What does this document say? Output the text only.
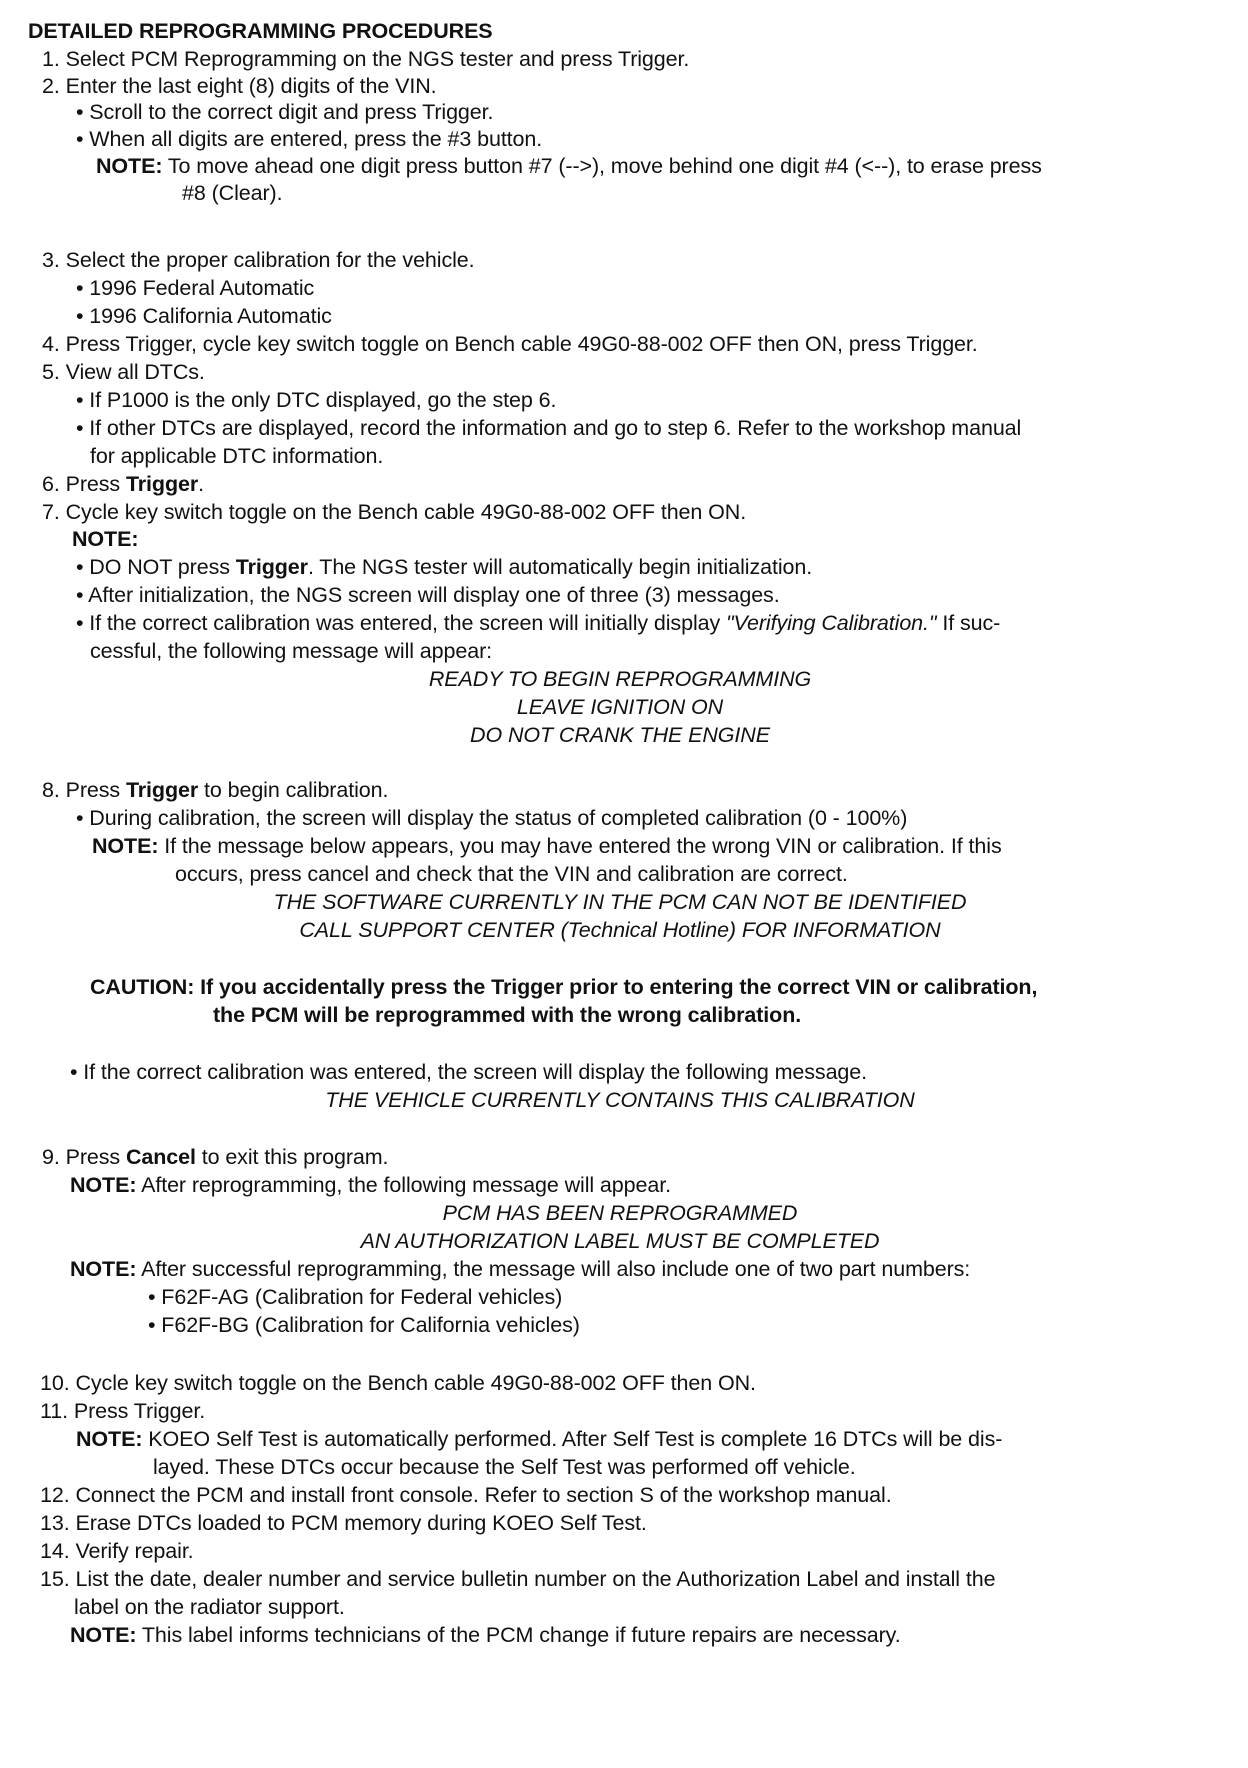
DETAILED REPROGRAMMING PROCEDURES
1. Select PCM Reprogramming on the NGS tester and press Trigger.
2. Enter the last eight (8) digits of the VIN.
• Scroll to the correct digit and press Trigger.
• When all digits are entered, press the #3 button.
NOTE: To move ahead one digit press button #7 (-->), move behind one digit #4 (<--), to erase press
#8 (Clear).
3. Select the proper calibration for the vehicle.
• 1996 Federal Automatic
• 1996 California Automatic
4. Press Trigger, cycle key switch toggle on Bench cable 49G0-88-002 OFF then ON, press Trigger.
5. View all DTCs.
• If P1000 is the only DTC displayed, go the step 6.
• If other DTCs are displayed, record the information and go to step 6. Refer to the workshop manual
for applicable DTC information.
6. Press Trigger.
7. Cycle key switch toggle on the Bench cable 49G0-88-002 OFF then ON.
NOTE:
• DO NOT press Trigger. The NGS tester will automatically begin initialization.
• After initialization, the NGS screen will display one of three (3) messages.
• If the correct calibration was entered, the screen will initially display "Verifying Calibration." If suc-
cessful, the following message will appear:
READY TO BEGIN REPROGRAMMING
LEAVE IGNITION ON
DO NOT CRANK THE ENGINE
8. Press Trigger to begin calibration.
• During calibration, the screen will display the status of completed calibration (0 - 100%)
NOTE: If the message below appears, you may have entered the wrong VIN or calibration. If this
occurs, press cancel and check that the VIN and calibration are correct.
THE SOFTWARE CURRENTLY IN THE PCM CAN NOT BE IDENTIFIED
CALL SUPPORT CENTER (Technical Hotline) FOR INFORMATION
CAUTION: If you accidentally press the Trigger prior to entering the correct VIN or calibration,
the PCM will be reprogrammed with the wrong calibration.
• If the correct calibration was entered, the screen will display the following message.
THE VEHICLE CURRENTLY CONTAINS THIS CALIBRATION
9. Press Cancel to exit this program.
NOTE: After reprogramming, the following message will appear.
PCM HAS BEEN REPROGRAMMED
AN AUTHORIZATION LABEL MUST BE COMPLETED
NOTE: After successful reprogramming, the message will also include one of two part numbers:
• F62F-AG (Calibration for Federal vehicles)
• F62F-BG (Calibration for California vehicles)
10. Cycle key switch toggle on the Bench cable 49G0-88-002 OFF then ON.
11. Press Trigger.
NOTE: KOEO Self Test is automatically performed. After Self Test is complete 16 DTCs will be dis-
layed. These DTCs occur because the Self Test was performed off vehicle.
12. Connect the PCM and install front console. Refer to section S of the workshop manual.
13. Erase DTCs loaded to PCM memory during KOEO Self Test.
14. Verify repair.
15. List the date, dealer number and service bulletin number on the Authorization Label and install the
label on the radiator support.
NOTE: This label informs technicians of the PCM change if future repairs are necessary.
